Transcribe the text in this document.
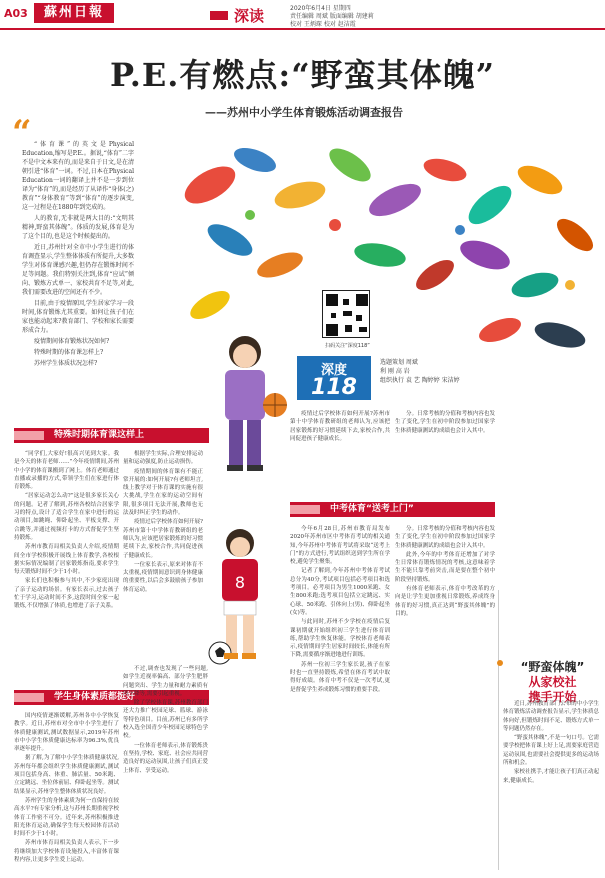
A03	蘇州日報	深读	2020年6月4日 星期四
责任编辑 周斌 版面编辑 胡建莉
校对 王炳琛 校对 赵洁霞
P.E.有燃点:“野蛮其体魄”
——苏州中小学生体育锻炼活动调查报告
“ “体育课”的英文是Physical Education,缩写是P.E.。据说,“体育”二字不是中文本来有的,而是来自于日文,是在清朝引进“体育”一词。不过,日本在Physical Education一词的翻译上并不是一步到位译为“体育”的,而是经历了从译作“身体(之)教育”“身体教育”等到“体育”的逐步演变,这一过程是在1880年到完成的。

人的教育,无非就是两大目的:“文明其精神,野蛮其体魄”。体质的发展,体育是为了这个目的,也是这个时候提出的。

近日,苏州针对全市中小学生进行的体育调查显示,学生整体体质有所提升,大多数学生对体育课感兴趣,但仍存在锻炼时间不足等问题。我们特别关注到,体育“应试”倾向、锻炼方式单一、家校共育不足等,对此,我们需要改进的空间还有不少。

目前,由于疫情原因,学生居家学习一段时间,体育锻炼尤其重要。如何让孩子们在家也能动起来?教育部门、学校和家长需要形成合力。

疫情期间体育锻炼状况如何?

特殊时期的体育课怎样上?

苏州学生体质状况怎样?

扫码关注“深度118”
深度
118
选题策划 周斌
利 刚 高 岩
组织执行 袁 艺 陶婷婷 宋洁婷
特殊时期体育课这样上

“同学们,大家好!很高兴见到大家。我是今天的体育老师……”今年疫情期间,苏州中小学的体育课搬到了网上。体育老师通过直播或录播的方式,带领学生们在家进行体育锻炼。

“居家运动怎么动?”这是很多家长关心的问题。记者了解到,苏州各校结合居家学习的特点,设计了适合学生在家中进行的运动项目,如跳绳、仰卧起坐、平板支撑、开合跳等,并通过视频打卡的方式督促学生坚持锻炼。

苏州市教育局相关负责人介绍,疫情期间全市学校积极开展线上体育教学,各校根据实际情况编制了居家锻炼指南,要求学生每天锻炼时间不少于1小时。

家长们也积极参与其中,不少家庭出现了亲子运动的场景。有家长表示,过去孩子忙于学习,运动时间不多,这段时间全家一起锻炼,不仅增强了体质,也增进了亲子关系。

根据学生实际,合理安排运动量和运动强度,防止运动损伤。

疫情期间的体育课有不能正常开展的:如何开展?有老师坦言,线上教学对于体育课的实施有很大挑战,学生在家的运动空间有限,很多项目无法开展,教师也无法及时纠正学生的动作。

疫情过后学校体育如何开展?苏州市第十中学体育教研组的老师认为,应该把居家锻炼的好习惯延续下去,家校合作,共同促进孩子健康成长。

一位家长表示,原来对体育不太重视,疫情期间意识到身体健康的重要性,以后会多鼓励孩子参加体育运动。

学生身体素质都挺好

国内疫情逐渐缓解,苏州各中小学恢复教学。近日,苏州市对全市中小学生进行了体质健康测试,测试数据显示,2019年苏州市中小学生体质健康达标率为96.3%,优良率逐年提升。

据了解,为了解中小学生体质健康状况,苏州每年都会组织学生体质健康测试,测试项目包括身高、体重、肺活量、50米跑、立定跳远、坐位体前屈、仰卧起坐等。测试结果显示,苏州学生整体体质状况良好。

苏州学生的身体素质为何一直保持在较高水平?有专家分析,这与苏州长期重视学校体育工作密不可分。近年来,苏州积极推进阳光体育运动,确保学生每天校园体育活动时间不少于1小时。

苏州市体育局相关负责人表示,下一步将继续加大学校体育设施投入,丰富体育课程内容,让更多学生爱上运动。

不过,调查也发现了一些问题,如学生近视率偏高、部分学生肥胖问题突出、学生力量和耐力素质有所下降等,需要引起重视。

除了学校体育课,苏州教育部门还大力推广校园足球、篮球、游泳等特色项目。目前,苏州已有多所学校入选全国青少年校园足球特色学校。

一位体育老师表示,体育锻炼贵在坚持,学校、家庭、社会应共同营造良好的运动氛围,让孩子们真正爱上体育、享受运动。

8
中考体育“送考上门”

今年6月28日,苏州市教育局发布2020年苏州市区中考体育考试的相关通知,今年苏州中考体育考试将采取“送考上门”的方式进行,考试组织送到学生所在学校,避免学生聚集。

记者了解到,今年苏州中考体育考试总分为40分,考试项目包括必考项目和选考项目。必考项目为男生1000米跑、女生800米跑;选考项目包括立定跳远、实心球、50米跑、引体向上(男)、仰卧起坐(女)等。

与此同时,苏州不少学校在疫情后复课初期就开始组织初三学生进行体育训练,帮助学生恢复体能。学校体育老师表示,疫情期间学生居家时间较长,体能有所下降,需要循序渐进地进行训练。

苏州一位初三学生家长说,孩子在家时也一直坚持锻炼,希望在体育考试中取得好成绩。体育中考不仅是一次考试,更是督促学生养成锻炼习惯的重要手段。

分。日常考核的分值和考核内容也发生了变化,学生在初中阶段参加过国家学生体质健康测试的成绩也会计入其中。

此外,今年的中考体育还增加了对学生日常体育锻炼情况的考核,这意味着学生不能只靠考前突击,而是要在整个初中阶段坚持锻炼。

有体育老师表示,体育中考改革的方向是让学生更加重视日常锻炼,养成终身体育的好习惯,真正达到“野蛮其体魄”的目的。

疫情过后学校体育如何开展?苏州市第十中学体育教研组的老师认为,应该把居家锻炼的好习惯延续下去,家校合作,共同促进孩子健康成长。

分。日常考核的分值和考核内容也发生了变化,学生在初中阶段参加过国家学生体质健康测试的成绩也会计入其中。

“野蛮体魄”
从家校社
携手开始

近日,苏州教育部门公布的中小学生体育锻炼活动调查报告显示,学生体质总体向好,但锻炼时间不足、锻炼方式单一等问题仍然存在。

“野蛮其体魄”,不是一句口号。它需要学校把体育课上好上足,需要家庭营造运动氛围,也需要社会提供更多的运动场所和机会。

家校社携手,才能让孩子们真正动起来,健康成长。
